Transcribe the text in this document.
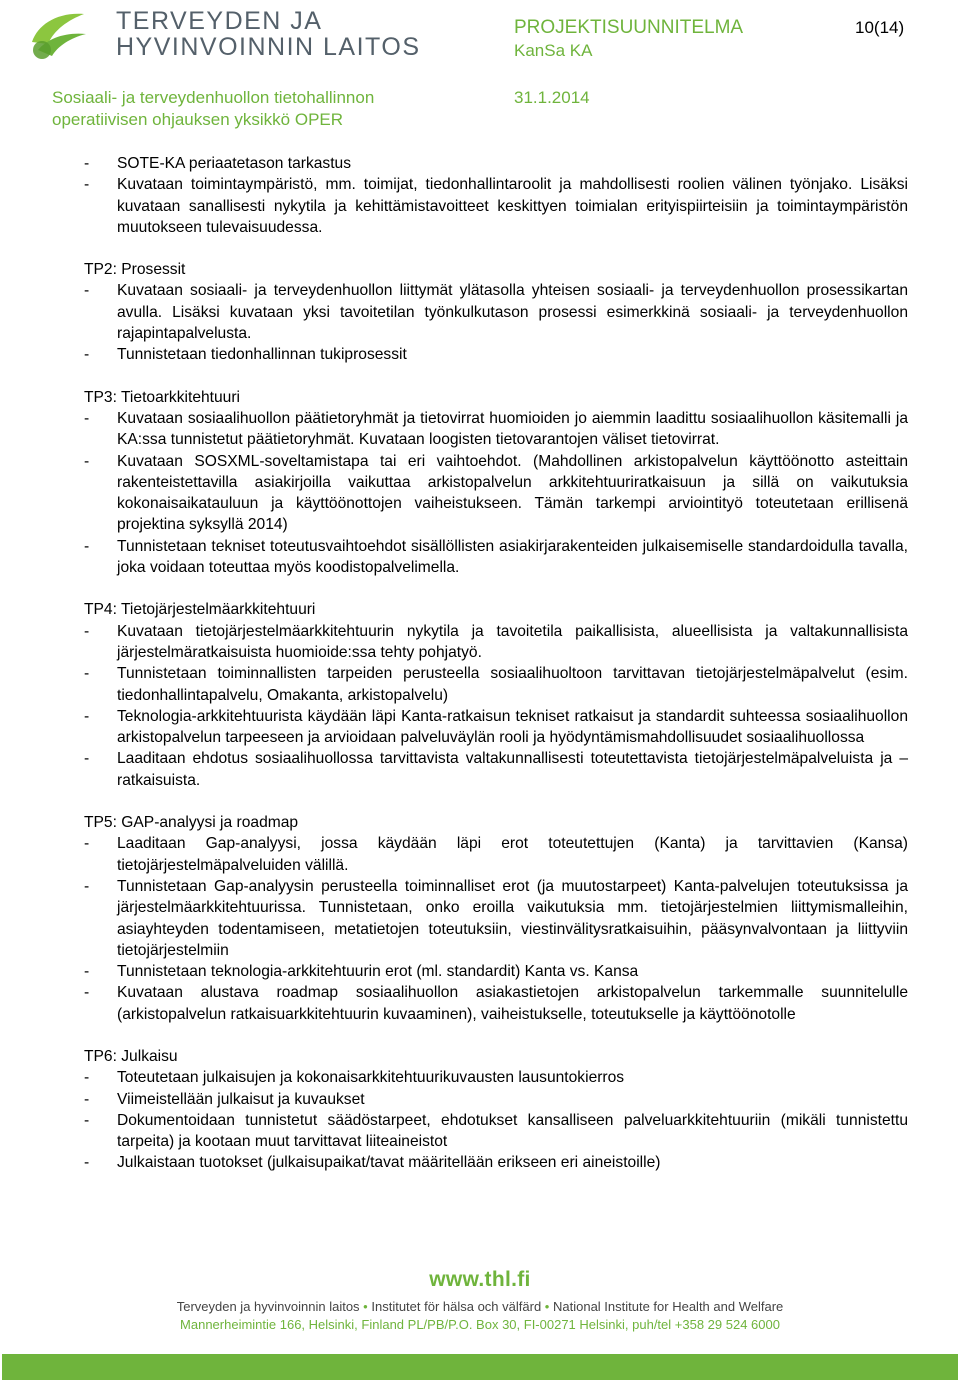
TERVEYDEN JA
HYVINVOINNIN LAITOS
PROJEKTISUUNNITELMA
KanSa KA
10(14)
Sosiaali- ja terveydenhuollon tietohallinnon
operatiivisen ohjauksen yksikkö OPER
31.1.2014
-	SOTE-KA periaatetason tarkastus
-	Kuvataan toimintaympäristö, mm. toimijat, tiedonhallintaroolit ja mahdollisesti roolien välinen työnjako. Lisäksi kuvataan sanallisesti nykytila ja kehittämistavoitteet keskittyen toimialan erityispiirteisiin ja toimintaympäristön muutokseen tulevaisuudessa.
TP2: Prosessit
-	Kuvataan sosiaali- ja terveydenhuollon liittymät ylätasolla yhteisen sosiaali- ja terveydenhuollon prosessikartan avulla. Lisäksi kuvataan yksi tavoitetilan työnkulkutason prosessi esimerkkinä sosiaali- ja terveydenhuollon rajapintapalvelusta.
-	Tunnistetaan tiedonhallinnan tukiprosessit
TP3: Tietoarkkitehtuuri
-	Kuvataan sosiaalihuollon päätietoryhmät ja tietovirrat huomioiden jo aiemmin laadittu sosiaalihuollon käsitemalli ja KA:ssa tunnistetut päätietoryhmät. Kuvataan loogisten tietovarantojen väliset tietovirrat.
-	Kuvataan SOSXML-soveltamistapa tai eri vaihtoehdot. (Mahdollinen arkistopalvelun käyttöönotto asteittain rakenteistettavilla asiakirjoilla vaikuttaa arkistopalvelun arkkitehtuuriratkaisuun ja sillä on vaikutuksia kokonaisaikatauluun ja käyttöönottojen vaiheistukseen. Tämän tarkempi arviointityö toteutetaan erillisenä projektina syksyllä 2014)
-	Tunnistetaan tekniset toteutusvaihtoehdot sisällöllisten asiakirjarakenteiden julkaisemiselle standardoidulla tavalla, joka voidaan toteuttaa myös koodistopalvelimella.
TP4: Tietojärjestelmäarkkitehtuuri
-	Kuvataan tietojärjestelmäarkkitehtuurin nykytila ja tavoitetila paikallisista, alueellisista ja valtakunnallisista järjestelmäratkaisuista huomioide:ssa tehty pohjatyö.
-	Tunnistetaan toiminnallisten tarpeiden perusteella sosiaalihuoltoon tarvittavan tietojärjestelmäpalvelut (esim. tiedonhallintapalvelu, Omakanta, arkistopalvelu)
-	Teknologia-arkkitehtuurista käydään läpi Kanta-ratkaisun tekniset ratkaisut ja standardit suhteessa sosiaalihuollon arkistopalvelun tarpeeseen ja arvioidaan palveluväylän rooli ja hyödyntämismahdollisuudet sosiaalihuollossa
-	Laaditaan ehdotus sosiaalihuollossa tarvittavista valtakunnallisesti toteutettavista tietojärjestelmäpalveluista ja –ratkaisuista.
TP5: GAP-analyysi ja roadmap
-	Laaditaan Gap-analyysi, jossa käydään läpi erot toteutettujen (Kanta) ja tarvittavien (Kansa) tietojärjestelmäpalveluiden välillä.
-	Tunnistetaan Gap-analyysin perusteella toiminnalliset erot (ja muutostarpeet) Kanta-palvelujen toteutuksissa ja järjestelmäarkkitehtuurissa. Tunnistetaan, onko eroilla vaikutuksia mm. tietojärjestelmien liittymismalleihin, asiayhteyden todentamiseen, metatietojen toteutuksiin, viestinvälitysratkaisuihin, pääsynvalvontaan ja liittyviin tietojärjestelmiin
-	Tunnistetaan teknologia-arkkitehtuurin erot (ml. standardit) Kanta vs. Kansa
-	Kuvataan alustava roadmap sosiaalihuollon asiakastietojen arkistopalvelun tarkemmalle suunnitelulle (arkistopalvelun ratkaisuarkkitehtuurin kuvaaminen), vaiheistukselle, toteutukselle ja käyttöönotolle
TP6: Julkaisu
-	Toteutetaan julkaisujen ja kokonaisarkkitehtuurikuvausten lausuntokierros
-	Viimeistellään julkaisut ja kuvaukset
-	Dokumentoidaan tunnistetut säädöstarpeet, ehdotukset kansalliseen palveluarkkitehtuuriin (mikäli tunnistettu tarpeita) ja kootaan muut tarvittavat liiteaineistot
-	Julkaistaan tuotokset (julkaisupaikat/tavat määritellään erikseen eri aineistoille)
www.thl.fi
Terveyden ja hyvinvoinnin laitos • Institutet för hälsa och välfärd • National Institute for Health and Welfare
Mannerheimintie 166, Helsinki, Finland PL/PB/P.O. Box 30, FI-00271 Helsinki, puh/tel +358 29 524 6000
